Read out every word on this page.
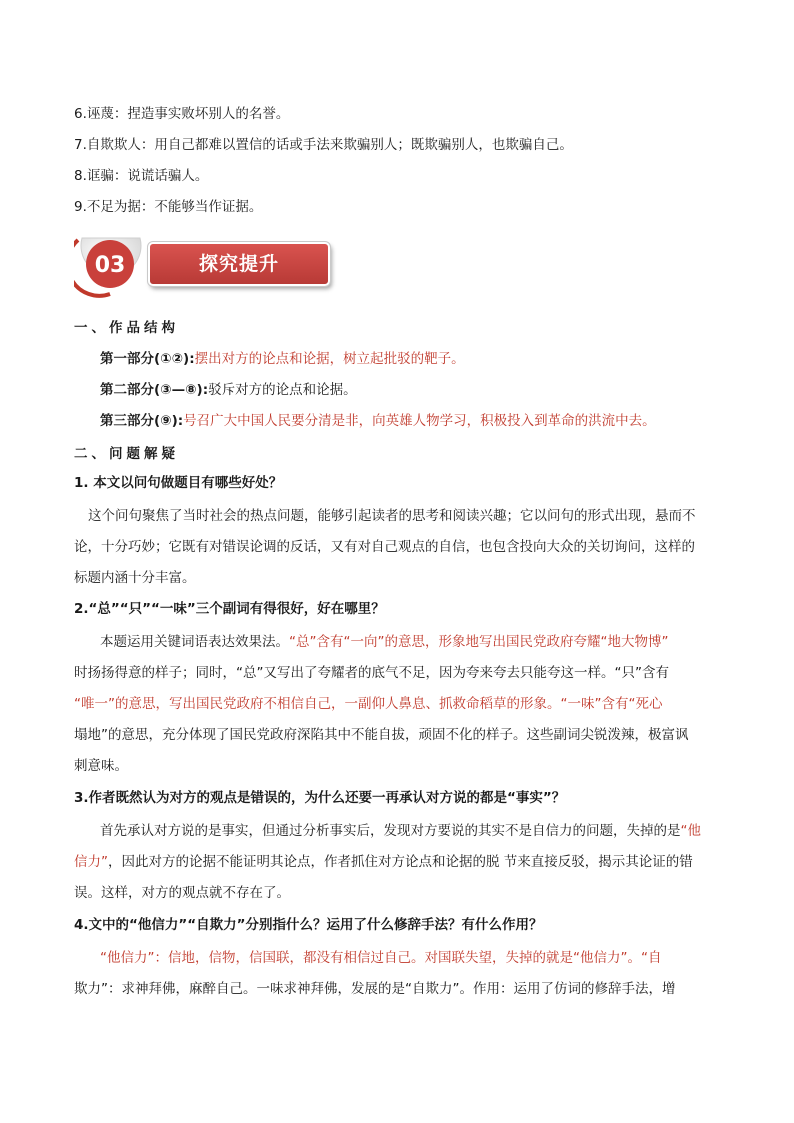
6.诬蔑：捏造事实败坏别人的名誉。
7.自欺欺人：用自己都难以置信的话或手法来欺骗别人；既欺骗别人，也欺骗自己。
8.诓骗：说谎话骗人。
9.不足为据：不能够当作证据。
03	探究提升
一、作品结构
第一部分(①②):摆出对方的论点和论据，树立起批驳的靶子。
第二部分(③—⑧):驳斥对方的论点和论据。
第三部分(⑨):号召广大中国人民要分清是非，向英雄人物学习，积极投入到革命的洪流中去。
二、问题解疑
1. 本文以问句做题目有哪些好处？
这个问句聚焦了当时社会的热点问题，能够引起读者的思考和阅读兴趣；它以问句的形式出现，悬而不
论，十分巧妙；它既有对错误论调的反话，又有对自己观点的自信，也包含投向大众的关切询问，这样的
标题内涵十分丰富。
2.“总”“只”“一味”三个副词有得很好，好在哪里？
本题运用关键词语表达效果法。“总”含有“一向”的意思，形象地写出国民党政府夸耀“地大物博”
时扬扬得意的样子；同时，“总”又写出了夸耀者的底气不足，因为夸来夸去只能夸这一样。“只”含有
“唯一”的意思，写出国民党政府不相信自己，一副仰人鼻息、抓救命稻草的形象。“一味”含有“死心
塌地”的意思，充分体现了国民党政府深陷其中不能自拔，顽固不化的样子。这些副词尖锐泼辣，极富讽
刺意味。
3.作者既然认为对方的观点是错误的，为什么还要一再承认对方说的都是“事实”？
首先承认对方说的是事实，但通过分析事实后，发现对方要说的其实不是自信力的问题，失掉的是“他
信力”，因此对方的论据不能证明其论点，作者抓住对方论点和论据的脱 节来直接反驳，揭示其论证的错
误。这样，对方的观点就不存在了。
4.文中的“他信力”“自欺力”分别指什么？运用了什么修辞手法？有什么作用？
“他信力”：信地，信物，信国联，都没有相信过自己。对国联失望，失掉的就是“他信力”。“自
欺力”：求神拜佛，麻醉自己。一味求神拜佛，发展的是“自欺力”。作用：运用了仿词的修辞手法，增
